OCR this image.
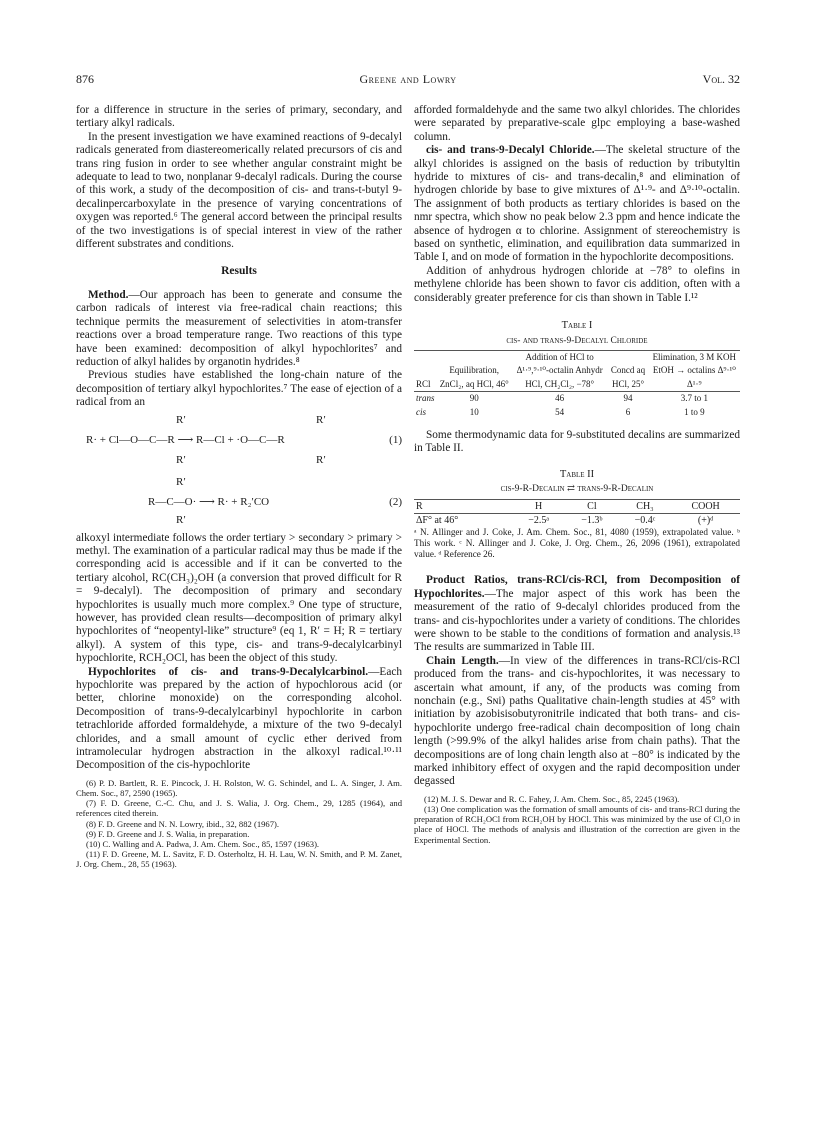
876	Greene and Lowry	Vol. 32

for a difference in structure in the series of primary, secondary, and tertiary alkyl radicals.

In the present investigation we have examined reactions of 9-decalyl radicals generated from diastereomerically related precursors of cis and trans ring fusion in order to see whether angular constraint might be adequate to lead to two, nonplanar 9-decalyl radicals. During the course of this work, a study of the decomposition of cis- and trans-t-butyl 9-decalinpercarboxylate in the presence of varying concentrations of oxygen was reported.⁶ The general accord between the principal results of the two investigations is of special interest in view of the rather different substrates and conditions.

Results

Method.—Our approach has been to generate and consume the carbon radicals of interest via free-radical chain reactions; this technique permits the measurement of selectivities in atom-transfer reactions over a broad temperature range. Two reactions of this type have been examined: decomposition of alkyl hypochlorites⁷ and reduction of alkyl halides by organotin hydrides.⁸

Previous studies have established the long-chain nature of the decomposition of tertiary alkyl hypochlorites.⁷ The ease of ejection of a radical from an

R′	R′
R· + Cl—O—C—R ⟶ R—Cl + ·O—C—R	(1)
R′	R′
R′
R—C—O· ⟶ R· + R₂′CO	(2)
R′

alkoxyl intermediate follows the order tertiary > secondary > primary > methyl. The examination of a particular radical may thus be made if the corresponding acid is accessible and if it can be converted to the tertiary alcohol, RC(CH₃)₂OH (a conversion that proved difficult for R = 9-decalyl). The decomposition of primary and secondary hypochlorites is usually much more complex.⁹ One type of structure, however, has provided clean results—decomposition of primary alkyl hypochlorites of “neopentyl-like” structure⁹ (eq 1, R′ = H; R = tertiary alkyl). A system of this type, cis- and trans-9-decalylcarbinyl hypochlorite, RCH₂OCl, has been the object of this study.

Hypochlorites of cis- and trans-9-Decalylcarbinol.—Each hypochlorite was prepared by the action of hypochlorous acid (or better, chlorine monoxide) on the corresponding alcohol. Decomposition of trans-9-decalylcarbinyl hypochlorite in carbon tetrachloride afforded formaldehyde, a mixture of the two 9-decalyl chlorides, and a small amount of cyclic ether derived from intramolecular hydrogen abstraction in the alkoxyl radical.¹⁰·¹¹ Decomposition of the cis-hypochlorite

(6) P. D. Bartlett, R. E. Pincock, J. H. Rolston, W. G. Schindel, and L. A. Singer, J. Am. Chem. Soc., 87, 2590 (1965).

(7) F. D. Greene, C.-C. Chu, and J. S. Walia, J. Org. Chem., 29, 1285 (1964), and references cited therein.

(8) F. D. Greene and N. N. Lowry, ibid., 32, 882 (1967).

(9) F. D. Greene and J. S. Walia, in preparation.

(10) C. Walling and A. Padwa, J. Am. Chem. Soc., 85, 1597 (1963).

(11) F. D. Greene, M. L. Savitz, F. D. Osterholtz, H. H. Lau, W. N. Smith, and P. M. Zanet, J. Org. Chem., 28, 55 (1963).

afforded formaldehyde and the same two alkyl chlorides. The chlorides were separated by preparative-scale glpc employing a base-washed column.

cis- and trans-9-Decalyl Chloride.—The skeletal structure of the alkyl chlorides is assigned on the basis of reduction by tributyltin hydride to mixtures of cis- and trans-decalin,⁸ and elimination of hydrogen chloride by base to give mixtures of Δ¹·⁹- and Δ⁹·¹⁰-octalin. The assignment of both products as tertiary chlorides is based on the nmr spectra, which show no peak below 2.3 ppm and hence indicate the absence of hydrogen α to chlorine. Assignment of stereochemistry is based on synthetic, elimination, and equilibration data summarized in Table I, and on mode of formation in the hypochlorite decompositions.

Addition of anhydrous hydrogen chloride at −78° to olefins in methylene chloride has been shown to favor cis addition, often with a considerably greater preference for cis than shown in Table I.¹²

Table I
cis- and trans-9-Decalyl Chloride
RCl	Equilibration, ZnCl₂, aq HCl, 46°	Addition of HCl to Δ¹·⁹,⁹·¹⁰-octalin Anhydr HCl, CH₂Cl₂, −78°	Concd aq HCl, 25°	Elimination, 3 M KOH EtOH → octalins Δ⁹·¹⁰ Δ¹·⁹
trans	90	46	94	3.7 to 1
cis	10	54	6	1 to 9

Some thermodynamic data for 9-substituted decalins are summarized in Table II.

Table II
cis-9-R-Decalin ⇄ trans-9-R-Decalin
R	H	Cl	CH₃	COOH
ΔF° at 46°	−2.5ᵃ	−1.3ᵇ	−0.4ᶜ	(+)ᵈ
ᵃ N. Allinger and J. Coke, J. Am. Chem. Soc., 81, 4080 (1959), extrapolated value. ᵇ This work. ᶜ N. Allinger and J. Coke, J. Org. Chem., 26, 2096 (1961), extrapolated value. ᵈ Reference 26.

Product Ratios, trans-RCl/cis-RCl, from Decomposition of Hypochlorites.—The major aspect of this work has been the measurement of the ratio of 9-decalyl chlorides produced from the trans- and cis-hypochlorites under a variety of conditions. The chlorides were shown to be stable to the conditions of formation and analysis.¹³ The results are summarized in Table III.

Chain Length.—In view of the differences in trans-RCl/cis-RCl produced from the trans- and cis-hypochlorites, it was necessary to ascertain what amount, if any, of the products was coming from nonchain (e.g., Sɴi) paths Qualitative chain-length studies at 45° with initiation by azobisisobutyronitrile indicated that both trans- and cis-hypochlorite undergo free-radical chain decomposition of long chain length (>99.9% of the alkyl halides arise from chain paths). That the decompositions are of long chain length also at −80° is indicated by the marked inhibitory effect of oxygen and the rapid decomposition under degassed

(12) M. J. S. Dewar and R. C. Fahey, J. Am. Chem. Soc., 85, 2245 (1963).

(13) One complication was the formation of small amounts of cis- and trans-RCl during the preparation of RCH₂OCl from RCH₂OH by HOCl. This was minimized by the use of Cl₂O in place of HOCl. The methods of analysis and illustration of the correction are given in the Experimental Section.
